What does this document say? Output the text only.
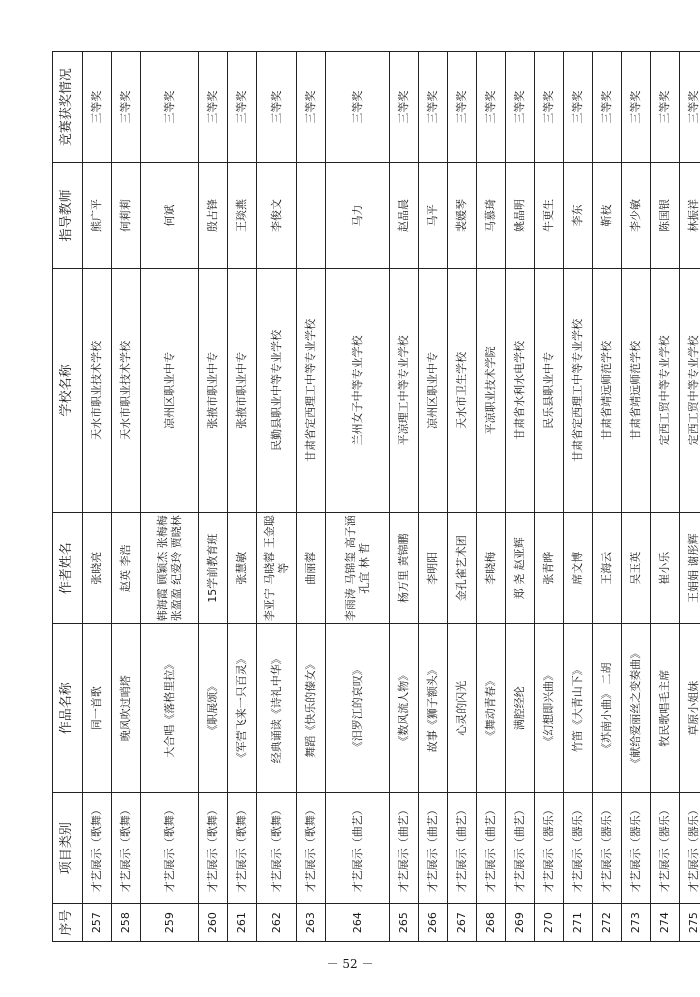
序号	项目类别	作品名称	作者姓名	学校名称	指导教师	竞赛获奖情况
257	才艺展示（歌舞）	同一首歌	张晓亮	天水市职业技术学校	熊广平	三等奖
258	才艺展示（歌舞）	晚风吹过哨塔	赵英 李浩	天水市职业技术学校	何莉莉	三等奖
259	才艺展示（歌舞）	大合唱《落格里拉》	韩海霞 顾颖杰 张梅梅 张盈盈 纪爱玲 贾晓林	凉州区职业中专	何斌	三等奖
260	才艺展示（歌舞）	《职展颂》	15学前教育班	张掖市职业中专	殷占锋	三等奖
261	才艺展示（歌舞）	《军营飞来一只百灵》	张慧敏	张掖市职业中专	王琰燕	三等奖
262	才艺展示（歌舞）	经典诵读《诗礼中华》	李亚宁 马晓蓉 王金聪等	民勤县职业中等专业学校	李俊文	三等奖
263	才艺展示（歌舞）	舞蹈《快乐的傣女》	曲丽蓉	甘肃省定西理工中等专业学校		三等奖
264	才艺展示（曲艺）	《汨罗江的哀叹》	李雨涛 马锦玺 高子涵 孔宜 林 哲	兰州女子中等专业学校	马力	三等奖
265	才艺展示（曲艺）	《数风流人物》	杨万里 黄锦鹏	平凉理工中等专业学校	赵晶晨	三等奖
266	才艺展示（曲艺）	故事《狮子额头》	李明阳	凉州区职业中专	马平	三等奖
267	才艺展示（曲艺）	心灵的闪光	金孔雀艺术团	天水市卫生学校	裴媛琴	三等奖
268	才艺展示（曲艺）	《舞动青春》	李晓梅	平凉职业技术学院	马慕琦	三等奖
269	才艺展示（曲艺）	满腔经纶	郑 尧 赵亚辉	甘肃省水利水电学校	姚晶明	三等奖
270	才艺展示（器乐）	《幻想即兴曲》	张青晔	民乐县职业中专	牛更生	三等奖
271	才艺展示（器乐）	竹笛《大青山下》	席文博	甘肃省定西理工中等专业学校	李东	三等奖
272	才艺展示（器乐）	《苏南小曲》 二胡	王海云	甘肃省靖远师范学校	靳枝	三等奖
273	才艺展示（器乐）	《献给爱丽丝之变奏曲》	吴玉英	甘肃省靖远师范学校	李少敏	三等奖
274	才艺展示（器乐）	牧民歌唱毛主席	崔小乐	定西工贸中等专业学校	陈国银	三等奖
275	才艺展示（器乐）	草原小姐妹	王娟娟 谢彤辉	定西工贸中等专业学校	林振祥	三等奖
－ 52 －
